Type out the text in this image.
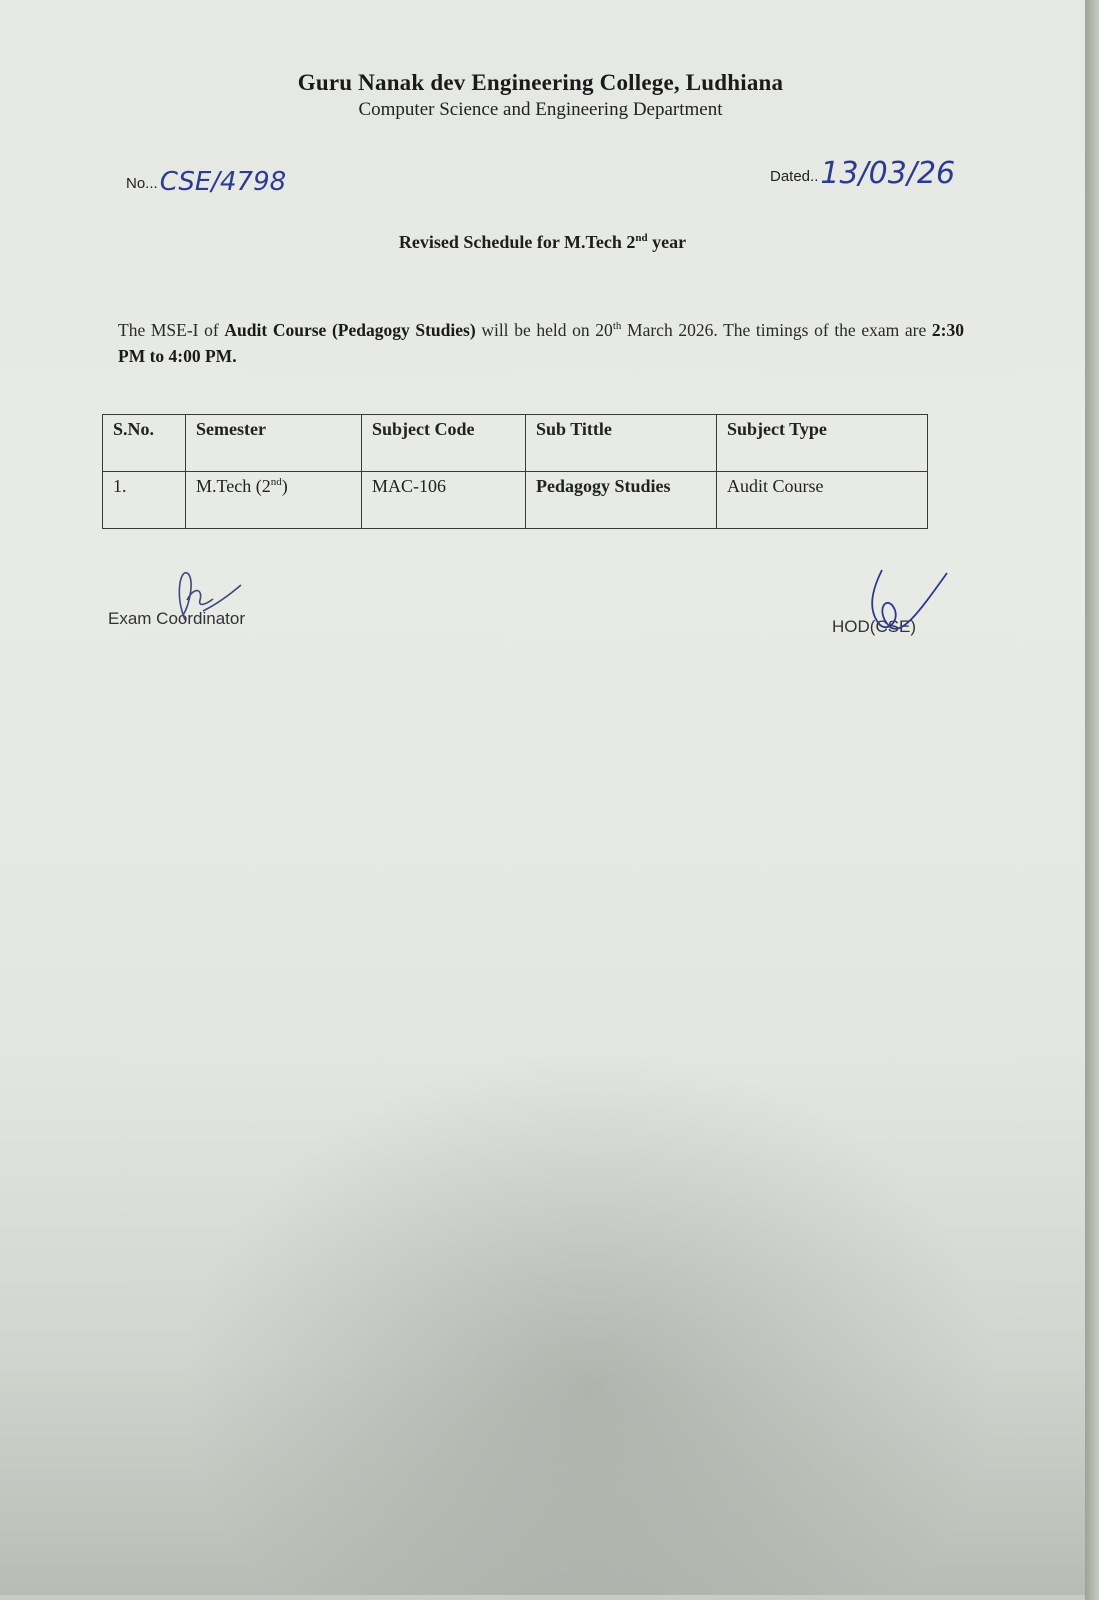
Guru Nanak dev Engineering College, Ludhiana
Computer Science and Engineering Department
No...CSE/4798	Dated..13/03/26
Revised Schedule for M.Tech 2nd year
The MSE-I of Audit Course (Pedagogy Studies) will be held on 20th March 2026. The timings of the exam are 2:30 PM to 4:00 PM.
S.No.	Semester	Subject Code	Sub Tittle	Subject Type
1.	M.Tech (2nd)	MAC-106	Pedagogy Studies	Audit Course
Exam Coordinator	HOD(CSE)
